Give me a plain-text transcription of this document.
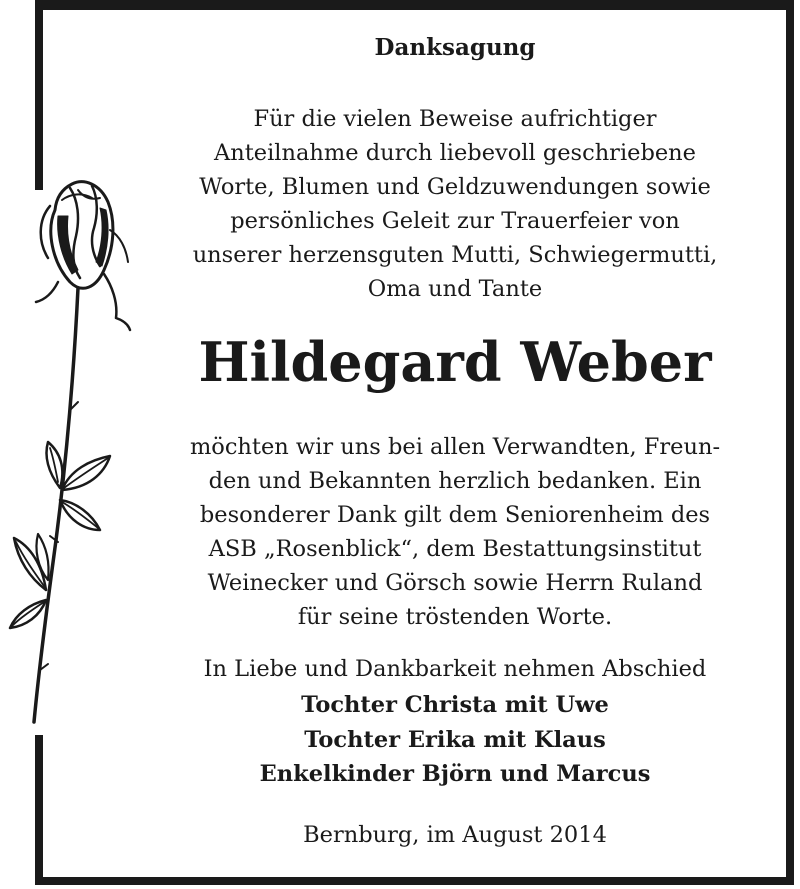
Danksagung
Für die vielen Beweise aufrichtiger
Anteilnahme durch liebevoll geschriebene
Worte, Blumen und Geldzuwendungen sowie
persönliches Geleit zur Trauerfeier von
unserer herzensguten Mutti, Schwiegermutti,
Oma und Tante
Hildegard Weber
möchten wir uns bei allen Verwandten, Freun-
den und Bekannten herzlich bedanken. Ein
besonderer Dank gilt dem Seniorenheim des
ASB „Rosenblick“, dem Bestattungsinstitut
Weinecker und Görsch sowie Herrn Ruland
für seine tröstenden Worte.
In Liebe und Dankbarkeit nehmen Abschied
Tochter Christa mit Uwe
Tochter Erika mit Klaus
Enkelkinder Björn und Marcus
Bernburg, im August 2014
